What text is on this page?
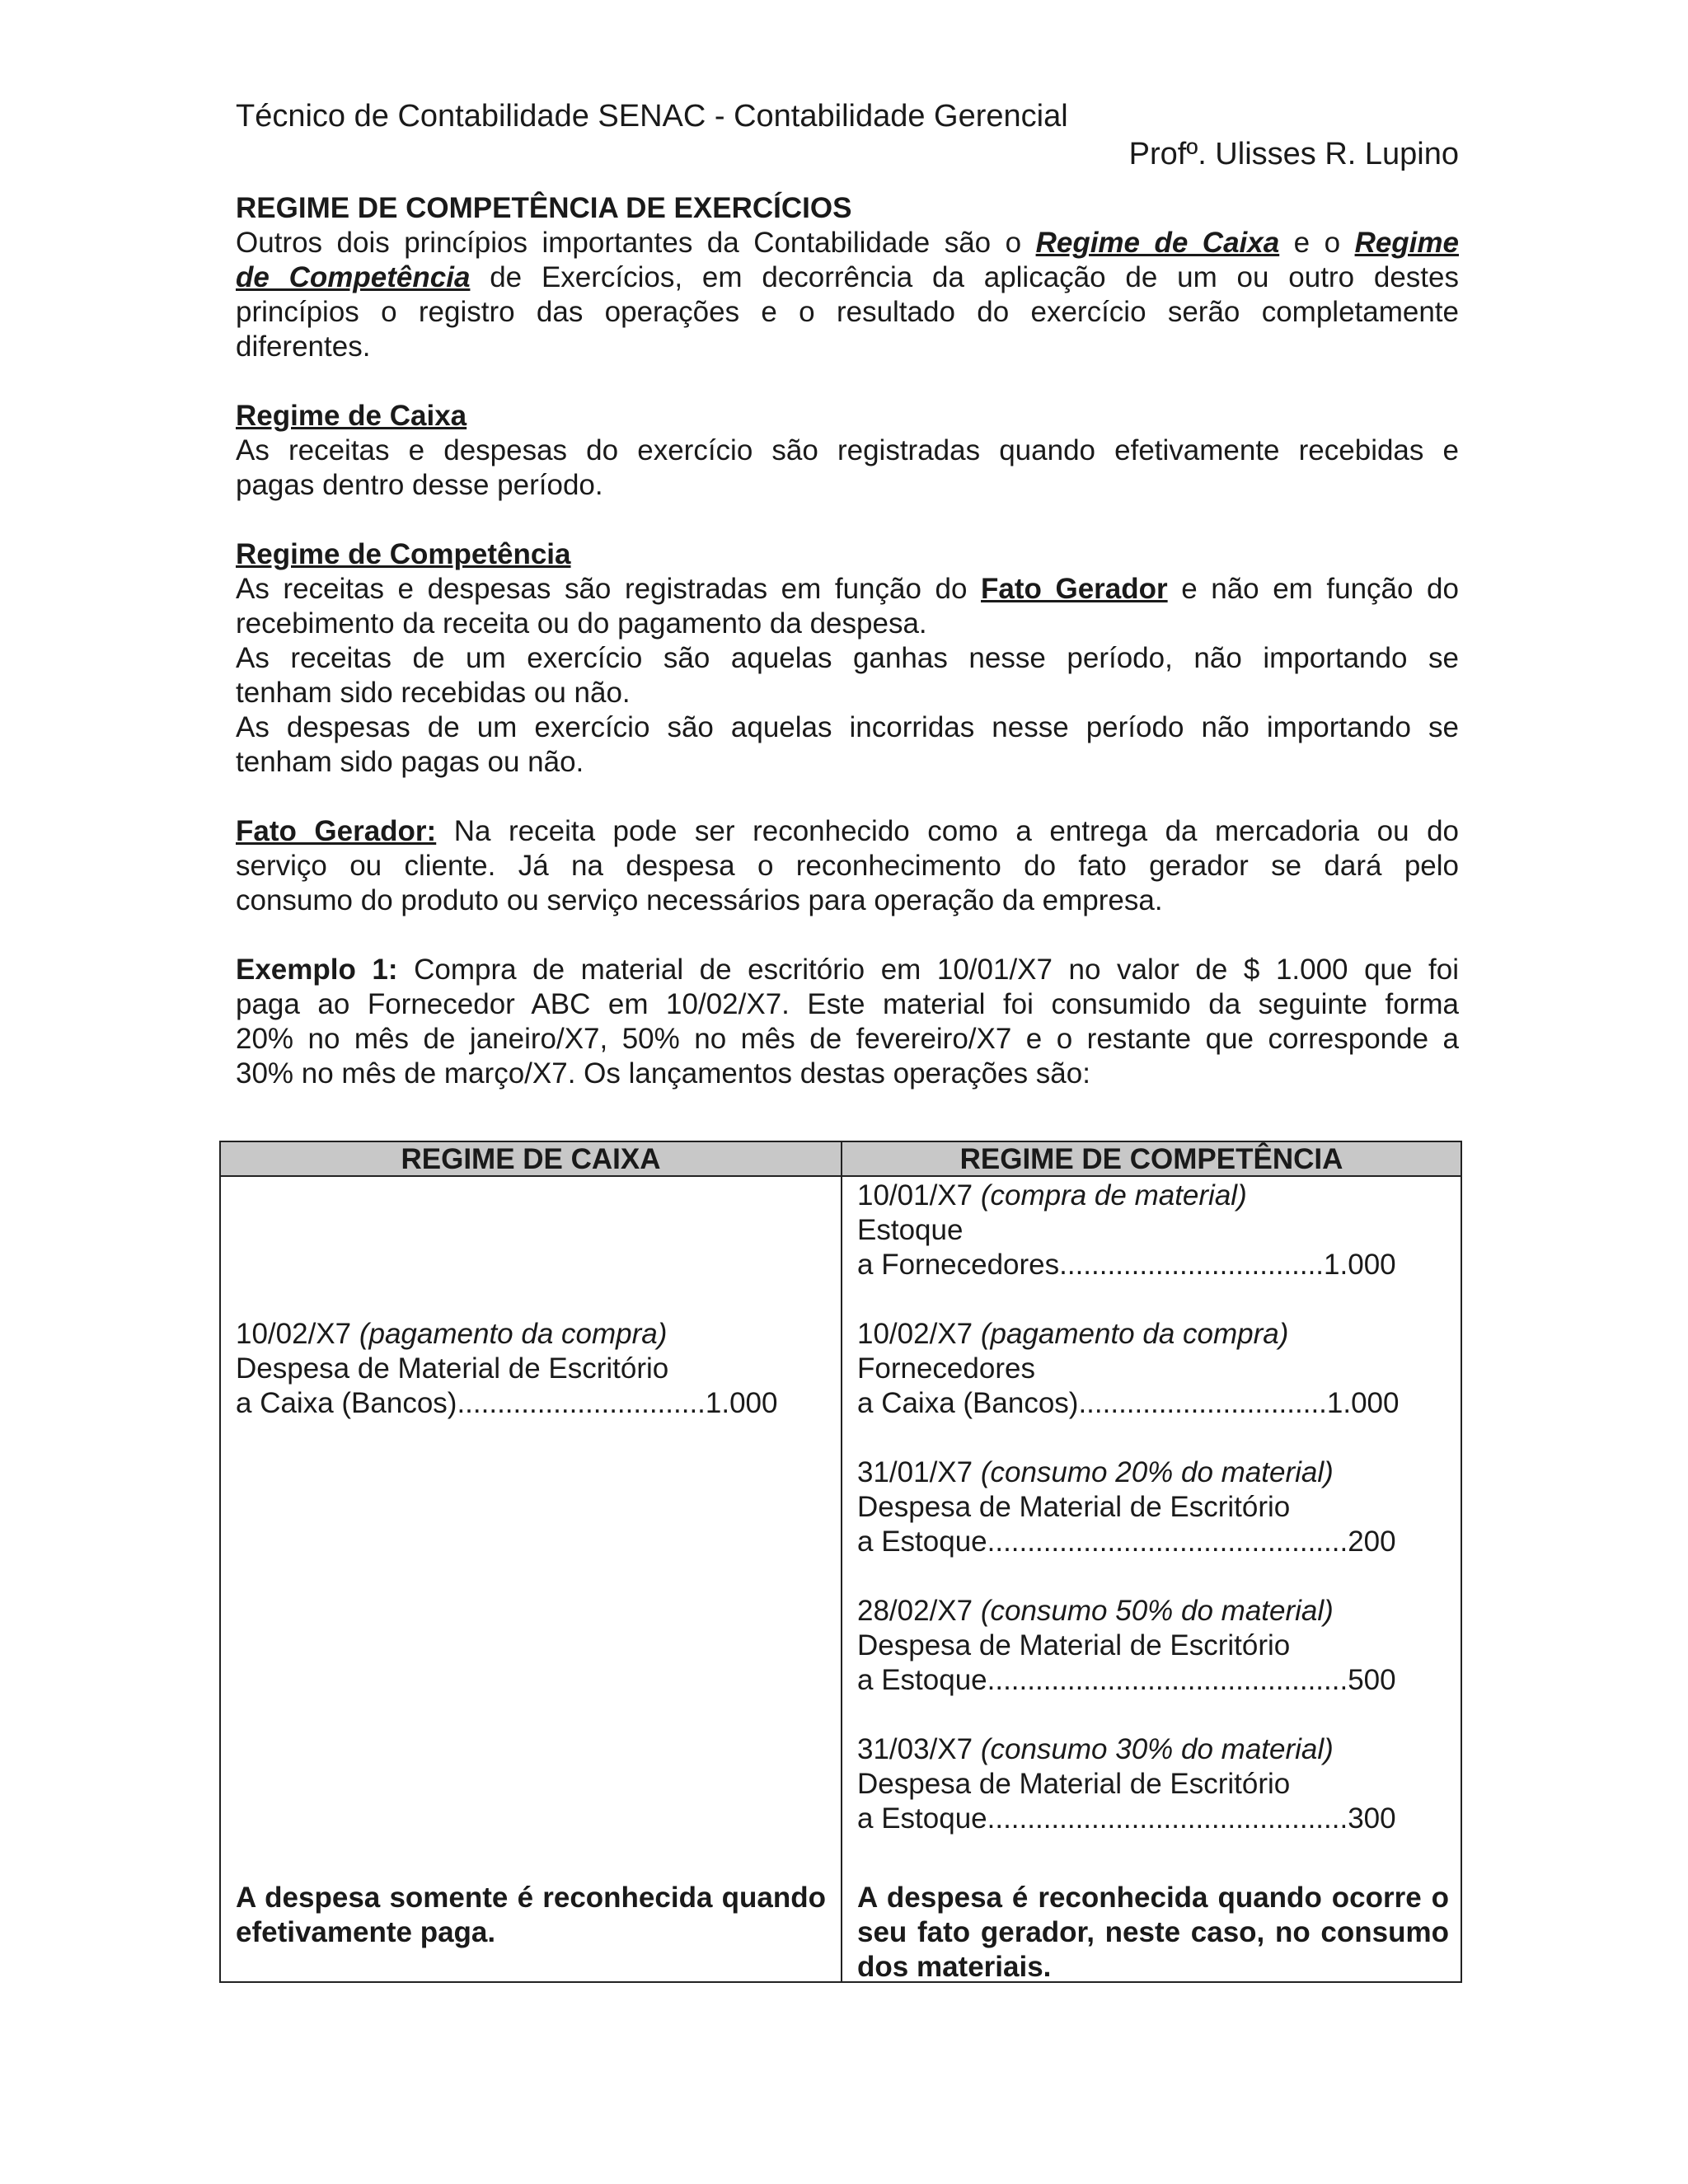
Técnico de Contabilidade SENAC - Contabilidade Gerencial
Profº. Ulisses R. Lupino
REGIME DE COMPETÊNCIA DE EXERCÍCIOS
Outros dois princípios importantes da Contabilidade são o Regime de Caixa e o Regime
de Competência de Exercícios, em decorrência da aplicação de um ou outro destes
princípios o registro das operações e o resultado do exercício serão completamente
diferentes.
Regime de Caixa
As receitas e despesas do exercício são registradas quando efetivamente recebidas e
pagas dentro desse período.
Regime de Competência
As receitas e despesas são registradas em função do Fato Gerador e não em função do
recebimento da receita ou do pagamento da despesa.
As receitas de um exercício são aquelas ganhas nesse período, não importando se
tenham sido recebidas ou não.
As despesas de um exercício são aquelas incorridas nesse período não importando se
tenham sido pagas ou não.
Fato Gerador: Na receita pode ser reconhecido como a entrega da mercadoria ou do
serviço ou cliente. Já na despesa o reconhecimento do fato gerador se dará pelo
consumo do produto ou serviço necessários para operação da empresa.
Exemplo 1: Compra de material de escritório em 10/01/X7 no valor de $ 1.000 que foi
paga ao Fornecedor ABC em 10/02/X7. Este material foi consumido da seguinte forma
20% no mês de janeiro/X7, 50% no mês de fevereiro/X7 e o restante que corresponde a
30% no mês de março/X7. Os lançamentos destas operações são:
REGIME DE CAIXA	REGIME DE COMPETÊNCIA
10/02/X7 (pagamento da compra)
Despesa de Material de Escritório
a Caixa (Bancos)...............................1.000
A despesa somente é reconhecida quando efetivamente paga.
10/01/X7 (compra de material)
Estoque
a Fornecedores.................................1.000
10/02/X7 (pagamento da compra)
Fornecedores
a Caixa (Bancos)...............................1.000
31/01/X7 (consumo 20% do material)
Despesa de Material de Escritório
a Estoque.............................................200
28/02/X7 (consumo 50% do material)
Despesa de Material de Escritório
a Estoque.............................................500
31/03/X7 (consumo 30% do material)
Despesa de Material de Escritório
a Estoque.............................................300
A despesa é reconhecida quando ocorre o seu fato gerador, neste caso, no consumo dos materiais.
